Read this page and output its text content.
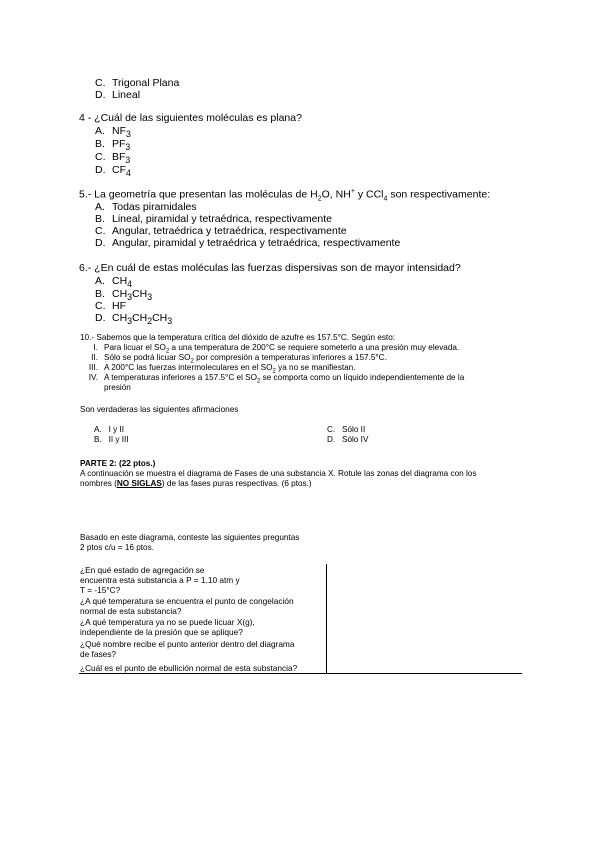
C. Trigonal Plana
D. Lineal
4 - ¿Cuál de las siguientes moléculas es plana?
A. $NF_3$
B. $PF_3$
C. $BF_3$
D. $CF_4$
5.- La geometría que presentan las moléculas de $H_2O$, NH+ y CCl$_4$ son respectivamente:
A. Todas piramidales
B. Lineal, piramidal y tetraédrica, respectivamente
C. Angular, tetraédrica y tetraédrica, respectivamente
D. Angular, piramidal y tetraédrica y tetraédrica, respectivamente
6.- ¿En cuál de estas moléculas las fuerzas dispersivas son de mayor intensidad?
A. $CH_4$
B. $CH_3CH_3$
C. HF
D. $CH_3CH_2CH_3$
10.- Sabemos que la temperatura crítica del dióxido de azufre es 157.5°C. Según esto:
I. Para licuar el $SO_2$ a una temperatura de 200°C se requiere someterlo a una presión muy elevada.
II. Sólo se podrá licuar $SO_2$ por compresión a temperaturas inferiores a 157.5°C.
III. A 200°C las fuerzas intermoleculares en el $SO_2$ ya no se manifiestan.
IV. A temperaturas inferiores a 157.5°C el $SO_2$ se comporta como un líquido independientemente de la
presión
Son verdaderas las siguientes afirmaciones
A. I y II
B. II y III
C. Sólo II
D. Sólo IV
PARTE 2: (22 ptos.)
A continuación se muestra el diagrama de Fases de una substancia X. Rotule las zonas del diagrama con los
nombres (NO SIGLAS) de las fases puras respectivas. (6 ptos.)
Basado en este diagrama, conteste las siguientes preguntas
2 ptos c/u = 16 ptos.
¿En qué estado de agregación se
encuentra esta substancia a P = 1.10 atm y
T = -15°C?
¿A qué temperatura se encuentra el punto de congelación
normal de esta substancia?
¿A qué temperatura ya no se puede licuar X(g),
independiente de la presión que se aplique?
¿Qué nombre recibe el punto anterior dentro del diagrama
de fases?
¿Cuál es el punto de ebullición normal de esta substancia?
